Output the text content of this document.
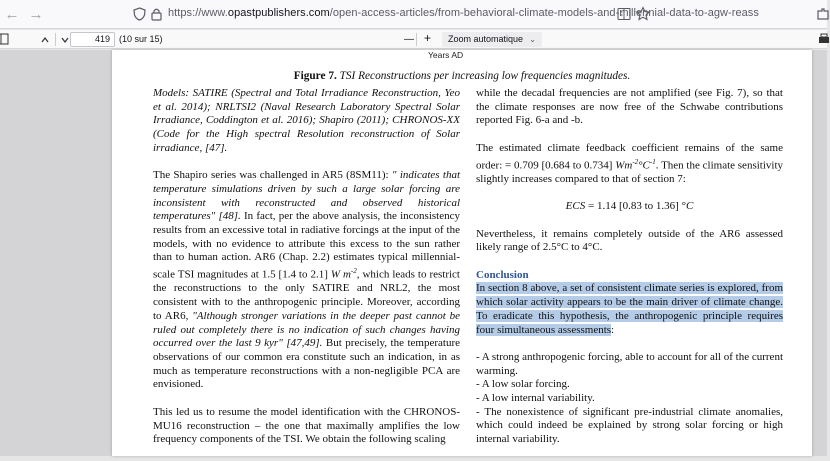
← →	https://www.opastpublishers.com/open-access-articles/from-behavioral-climate-models-and-millennial-data-to-agw-reass
419	(10 sur 15)	— +	Zoom automatique ⌄
Years AD
Figure 7. TSI Reconstructions per increasing low frequencies magnitudes.
Models: SATIRE (Spectral and Total Irradiance Reconstruction, Yeo et al. 2014); NRLTSI2 (Naval Research Laboratory Spectral Solar Irradiance, Coddington et al. 2016); Shapiro (2011); CHRONOS-XX (Code for the High spectral Resolution reconstruction of Solar irradiance, [47].
The Shapiro series was challenged in AR5 (8SM11): " indicates that temperature simulations driven by such a large solar forcing are inconsistent with reconstructed and observed historical temperatures" [48]. In fact, per the above analysis, the inconsistency results from an excessive total in radiative forcings at the input of the models, with no evidence to attribute this excess to the sun rather than to human action. AR6 (Chap. 2.2) estimates typical millennial-scale TSI magnitudes at 1.5 [1.4 to 2.1] W $m^{-2}$, which leads to restrict the reconstructions to the only SATIRE and NRL2, the most consistent with to the anthropogenic principle. Moreover, according to AR6, "Although stronger variations in the deeper past cannot be ruled out completely there is no indication of such changes having occurred over the last 9 kyr" [47,49]. But precisely, the temperature observations of our common era constitute such an indication, in as much as temperature reconstructions with a non-negligible PCA are envisioned.
This led us to resume the model identification with the CHRONOS-MU16 reconstruction – the one that maximally amplifies the low frequency components of the TSI. We obtain the following scaling
while the decadal frequencies are not amplified (see Fig. 7), so that the climate responses are now free of the Schwabe contributions reported Fig. 6-a and -b.
The estimated climate feedback coefficient remains of the same order: = 0.709 [0.684 to 0.734] $Wm^{-2}^\circ C^{-1}$. Then the climate sensitivity slightly increases compared to that of section 7:
ECS = 1.14 [0.83 to 1.36] °C
Nevertheless, it remains completely outside of the AR6 assessed likely range of 2.5°C to 4°C.
Conclusion
In section 8 above, a set of consistent climate series is explored, from which solar activity appears to be the main driver of climate change. To eradicate this hypothesis, the anthropogenic principle requires four simultaneous assessments:
- A strong anthropogenic forcing, able to account for all of the current warming.
- A low solar forcing.
- A low internal variability.
- The nonexistence of significant pre-industrial climate anomalies, which could indeed be explained by strong solar forcing or high internal variability.
